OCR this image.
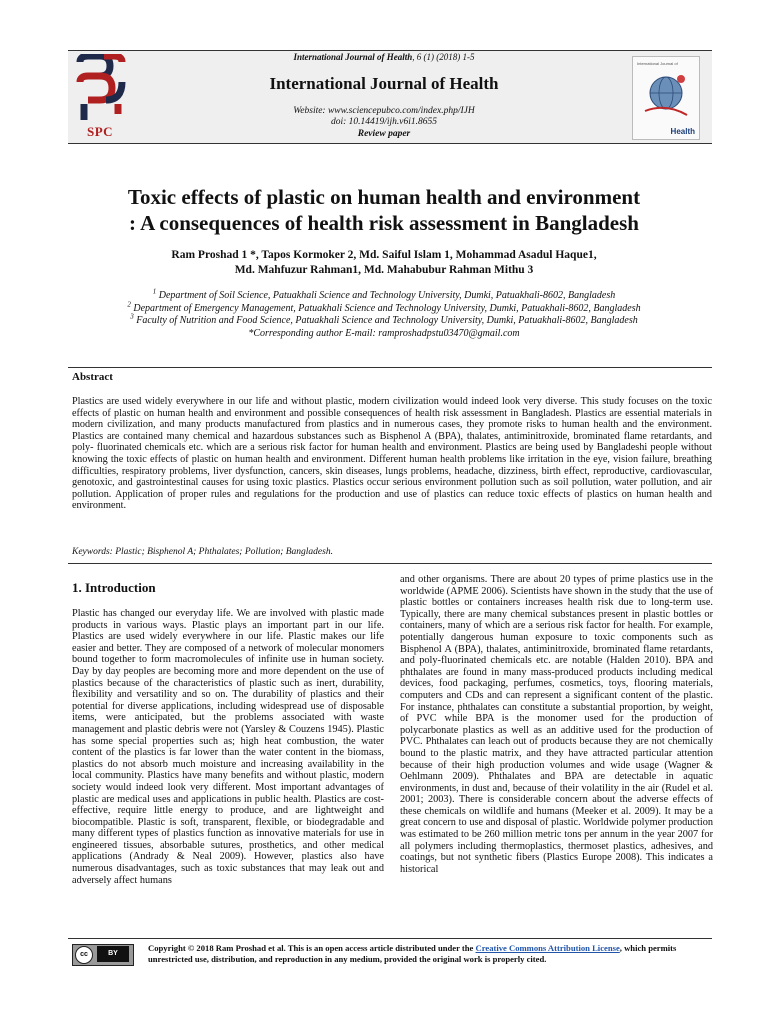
SPC
International Journal of Health, 6 (1) (2018) 1-5
International Journal of Health
Website: www.sciencepubco.com/index.php/IJH
doi: 10.14419/ijh.v6i1.8655
Review paper
International Journal of
Health
Toxic effects of plastic on human health and environment
: A consequences of health risk assessment in Bangladesh
Ram Proshad 1 *, Tapos Kormoker 2, Md. Saiful Islam 1, Mohammad Asadul Haque1,
Md. Mahfuzur Rahman1, Md. Mahabubur Rahman Mithu 3
$^1$ Department of Soil Science, Patuakhali Science and Technology University, Dumki, Patuakhali-8602, Bangladesh
$^2$ Department of Emergency Management, Patuakhali Science and Technology University, Dumki, Patuakhali-8602, Bangladesh
$^3$ Faculty of Nutrition and Food Science, Patuakhali Science and Technology University, Dumki, Patuakhali-8602, Bangladesh
*Corresponding author E-mail: ramproshadpstu03470@gmail.com
Abstract
Plastics are used widely everywhere in our life and without plastic, modern civilization would indeed look very diverse. This study focuses on the toxic effects of plastic on human health and environment and possible consequences of health risk assessment in Bangladesh. Plastics are essential materials in modern civilization, and many products manufactured from plastics and in numerous cases, they promote risks to human health and the environment. Plastics are contained many chemical and hazardous substances such as Bisphenol A (BPA), thalates, antiminitroxide, brominated flame retardants, and poly- fluorinated chemicals etc. which are a serious risk factor for human health and environment. Plastics are being used by Bangladeshi people without knowing the toxic effects of plastic on human health and environment. Different human health problems like irritation in the eye, vision failure, breathing difficulties, respiratory problems, liver dysfunction, cancers, skin diseases, lungs problems, headache, dizziness, birth effect, reproductive, cardiovascular, genotoxic, and gastrointestinal causes for using toxic plastics. Plastics occur serious environment pollution such as soil pollution, water pollution, and air pollution. Application of proper rules and regulations for the production and use of plastics can reduce toxic effects of plastics on human health and environment.
Keywords: Plastic; Bisphenol A; Phthalates; Pollution; Bangladesh.
1. Introduction
Plastic has changed our everyday life. We are involved with plastic made products in various ways. Plastic plays an important part in our life. Plastics are used widely everywhere in our life. Plastic makes our life easier and better. They are composed of a network of molecular monomers bound together to form macromolecules of infinite use in human society. Day by day peoples are becoming more and more dependent on the use of plastics because of the characteristics of plastic such as inert, durability, flexibility and versatility and so on. The durability of plastics and their potential for diverse applications, including widespread use of disposable items, were anticipated, but the problems associated with waste management and plastic debris were not (Yarsley & Couzens 1945). Plastic has some special properties such as; high heat combustion, the water content of the plastics is far lower than the water content in the biomass, plastics do not absorb much moisture and increasing availability in the local community. Plastics have many benefits and without plastic, modern society would indeed look very different. Most important advantages of plastic are medical uses and applications in public health. Plastics are cost-effective, require little energy to produce, and are lightweight and biocompatible. Plastic is soft, transparent, flexible, or biodegradable and many different types of plastics function as innovative materials for use in engineered tissues, absorbable sutures, prosthetics, and other medical applications (Andrady & Neal 2009). However, plastics also have numerous disadvantages, such as toxic substances that may leak out and adversely affect humans
and other organisms. There are about 20 types of prime plastics use in the worldwide (APME 2006). Scientists have shown in the study that the use of plastic bottles or containers increases health risk due to long-term use. Typically, there are many chemical substances present in plastic bottles or containers, many of which are a serious risk factor for health. For example, potentially dangerous human exposure to toxic components such as Bisphenol A (BPA), thalates, antiminitroxide, brominated flame retardants, and poly-fluorinated chemicals etc. are notable (Halden 2010). BPA and phthalates are found in many mass-produced products including medical devices, food packaging, perfumes, cosmetics, toys, flooring materials, computers and CDs and can represent a significant content of the plastic. For instance, phthalates can constitute a substantial proportion, by weight, of PVC while BPA is the monomer used for the production of polycarbonate plastics as well as an additive used for the production of PVC. Phthalates can leach out of products because they are not chemically bound to the plastic matrix, and they have attracted particular attention because of their high production volumes and wide usage (Wagner & Oehlmann 2009). Phthalates and BPA are detectable in aquatic environments, in dust and, because of their volatility in the air (Rudel et al. 2001; 2003). There is considerable concern about the adverse effects of these chemicals on wildlife and humans (Meeker et al. 2009). It may be a great concern to use and disposal of plastic. Worldwide polymer production was estimated to be 260 million metric tons per annum in the year 2007 for all polymers including thermoplastics, thermoset plastics, adhesives, and coatings, but not synthetic fibers (Plastics Europe 2008). This indicates a historical
cc	BY
Copyright © 2018 Ram Proshad et al. This is an open access article distributed under the Creative Commons Attribution License, which permits unrestricted use, distribution, and reproduction in any medium, provided the original work is properly cited.
